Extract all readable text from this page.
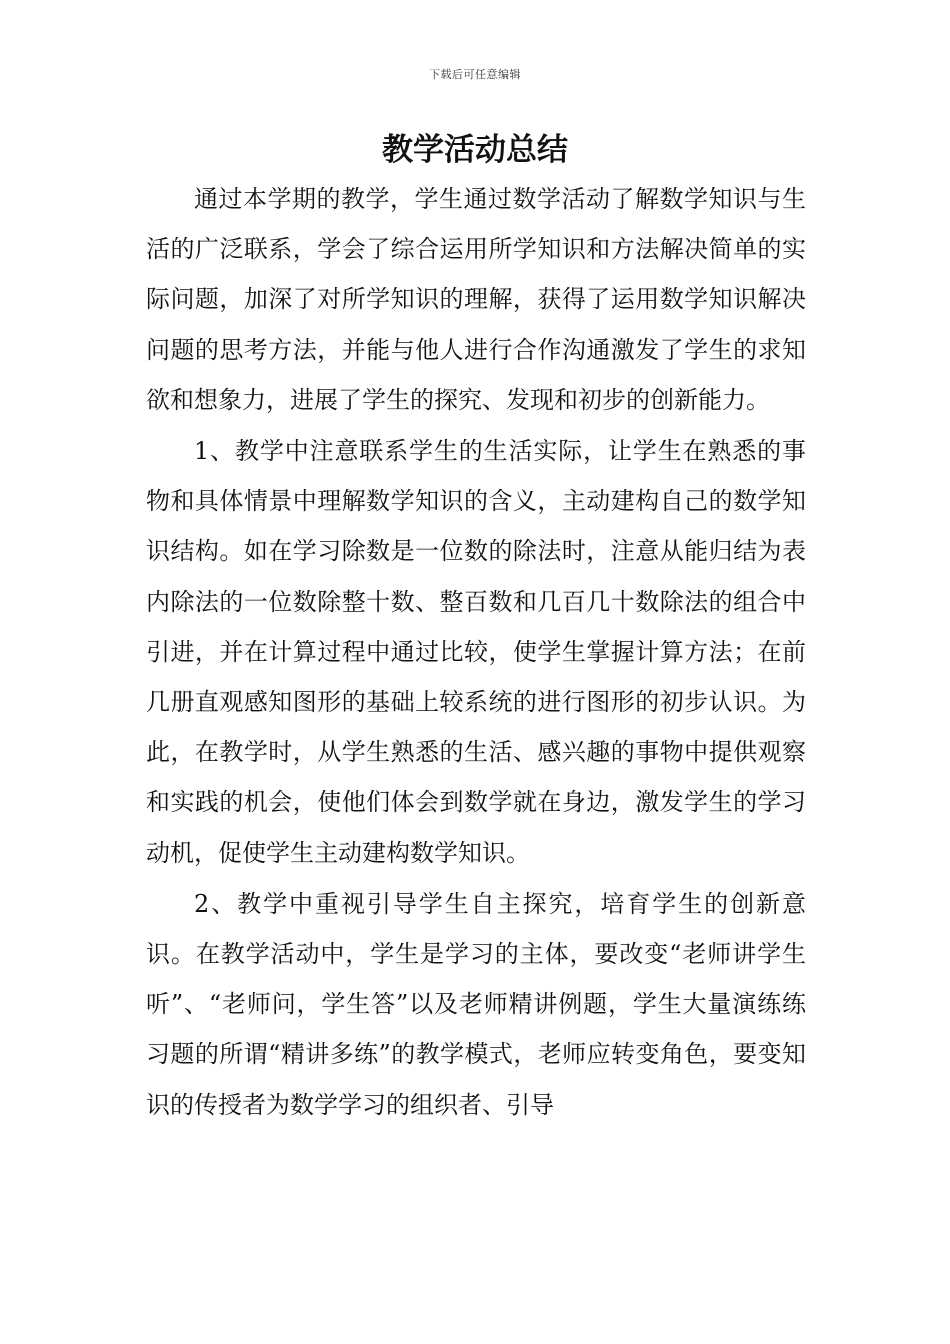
下载后可任意编辑
教学活动总结

通过本学期的教学，学生通过数学活动了解数学知识与生活的广泛联系，学会了综合运用所学知识和方法解决简单的实际问题，加深了对所学知识的理解，获得了运用数学知识解决问题的思考方法，并能与他人进行合作沟通激发了学生的求知欲和想象力，进展了学生的探究、发现和初步的创新能力。

1、教学中注意联系学生的生活实际，让学生在熟悉的事物和具体情景中理解数学知识的含义，主动建构自己的数学知识结构。如在学习除数是一位数的除法时，注意从能归结为表内除法的一位数除整十数、整百数和几百几十数除法的组合中引进，并在计算过程中通过比较，使学生掌握计算方法；在前几册直观感知图形的基础上较系统的进行图形的初步认识。为此，在教学时，从学生熟悉的生活、感兴趣的事物中提供观察和实践的机会，使他们体会到数学就在身边，激发学生的学习动机，促使学生主动建构数学知识。

2、教学中重视引导学生自主探究，培育学生的创新意识。在教学活动中，学生是学习的主体，要改变“老师讲学生听”、“老师问，学生答”以及老师精讲例题，学生大量演练练习题的所谓“精讲多练”的教学模式，老师应转变角色，要变知识的传授者为数学学习的组织者、引导
